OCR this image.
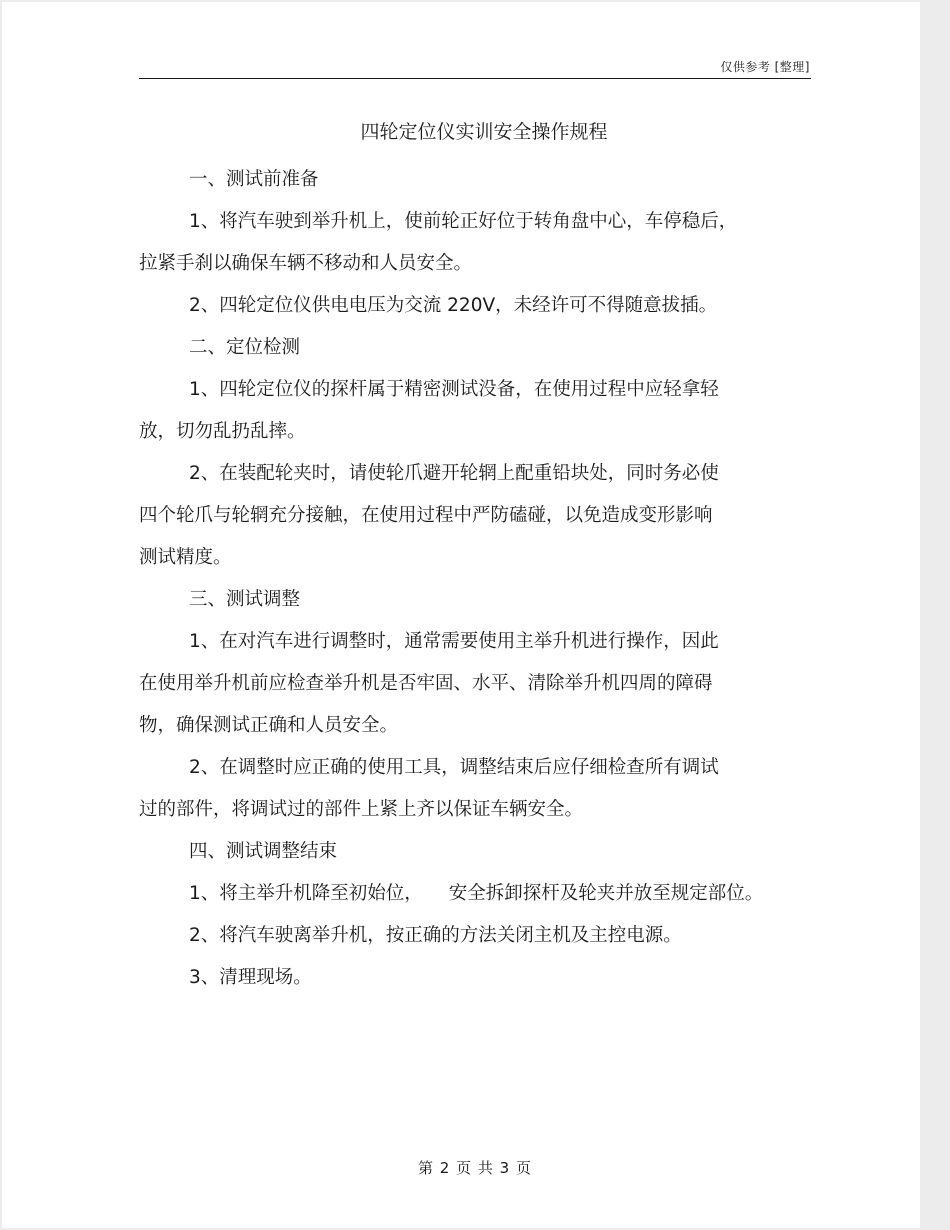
仅供参考 [整理]
四轮定位仪实训安全操作规程

一、测试前准备

1、将汽车驶到举升机上，使前轮正好位于转角盘中心，车停稳后，

拉紧手刹以确保车辆不移动和人员安全。

2、四轮定位仪供电电压为交流 220V，未经许可不得随意拔插。

二、定位检测

1、四轮定位仪的探杆属于精密测试没备，在使用过程中应轻拿轻

放，切勿乱扔乱摔。

2、在装配轮夹时，请使轮爪避开轮辋上配重铅块处，同时务必使

四个轮爪与轮辋充分接触，在使用过程中严防磕碰，以免造成变形影响

测试精度。

三、测试调整

1、在对汽车进行调整时，通常需要使用主举升机进行操作，因此

在使用举升机前应检查举升机是否牢固、水平、清除举升机四周的障碍

物，确保测试正确和人员安全。

2、在调整时应正确的使用工具，调整结束后应仔细检查所有调试

过的部件，将调试过的部件上紧上齐以保证车辆安全。

四、测试调整结束

1、将主举升机降至初始位， 安全拆卸探杆及轮夹并放至规定部位。

2、将汽车驶离举升机，按正确的方法关闭主机及主控电源。

3、清理现场。

第 2 页 共 3 页
